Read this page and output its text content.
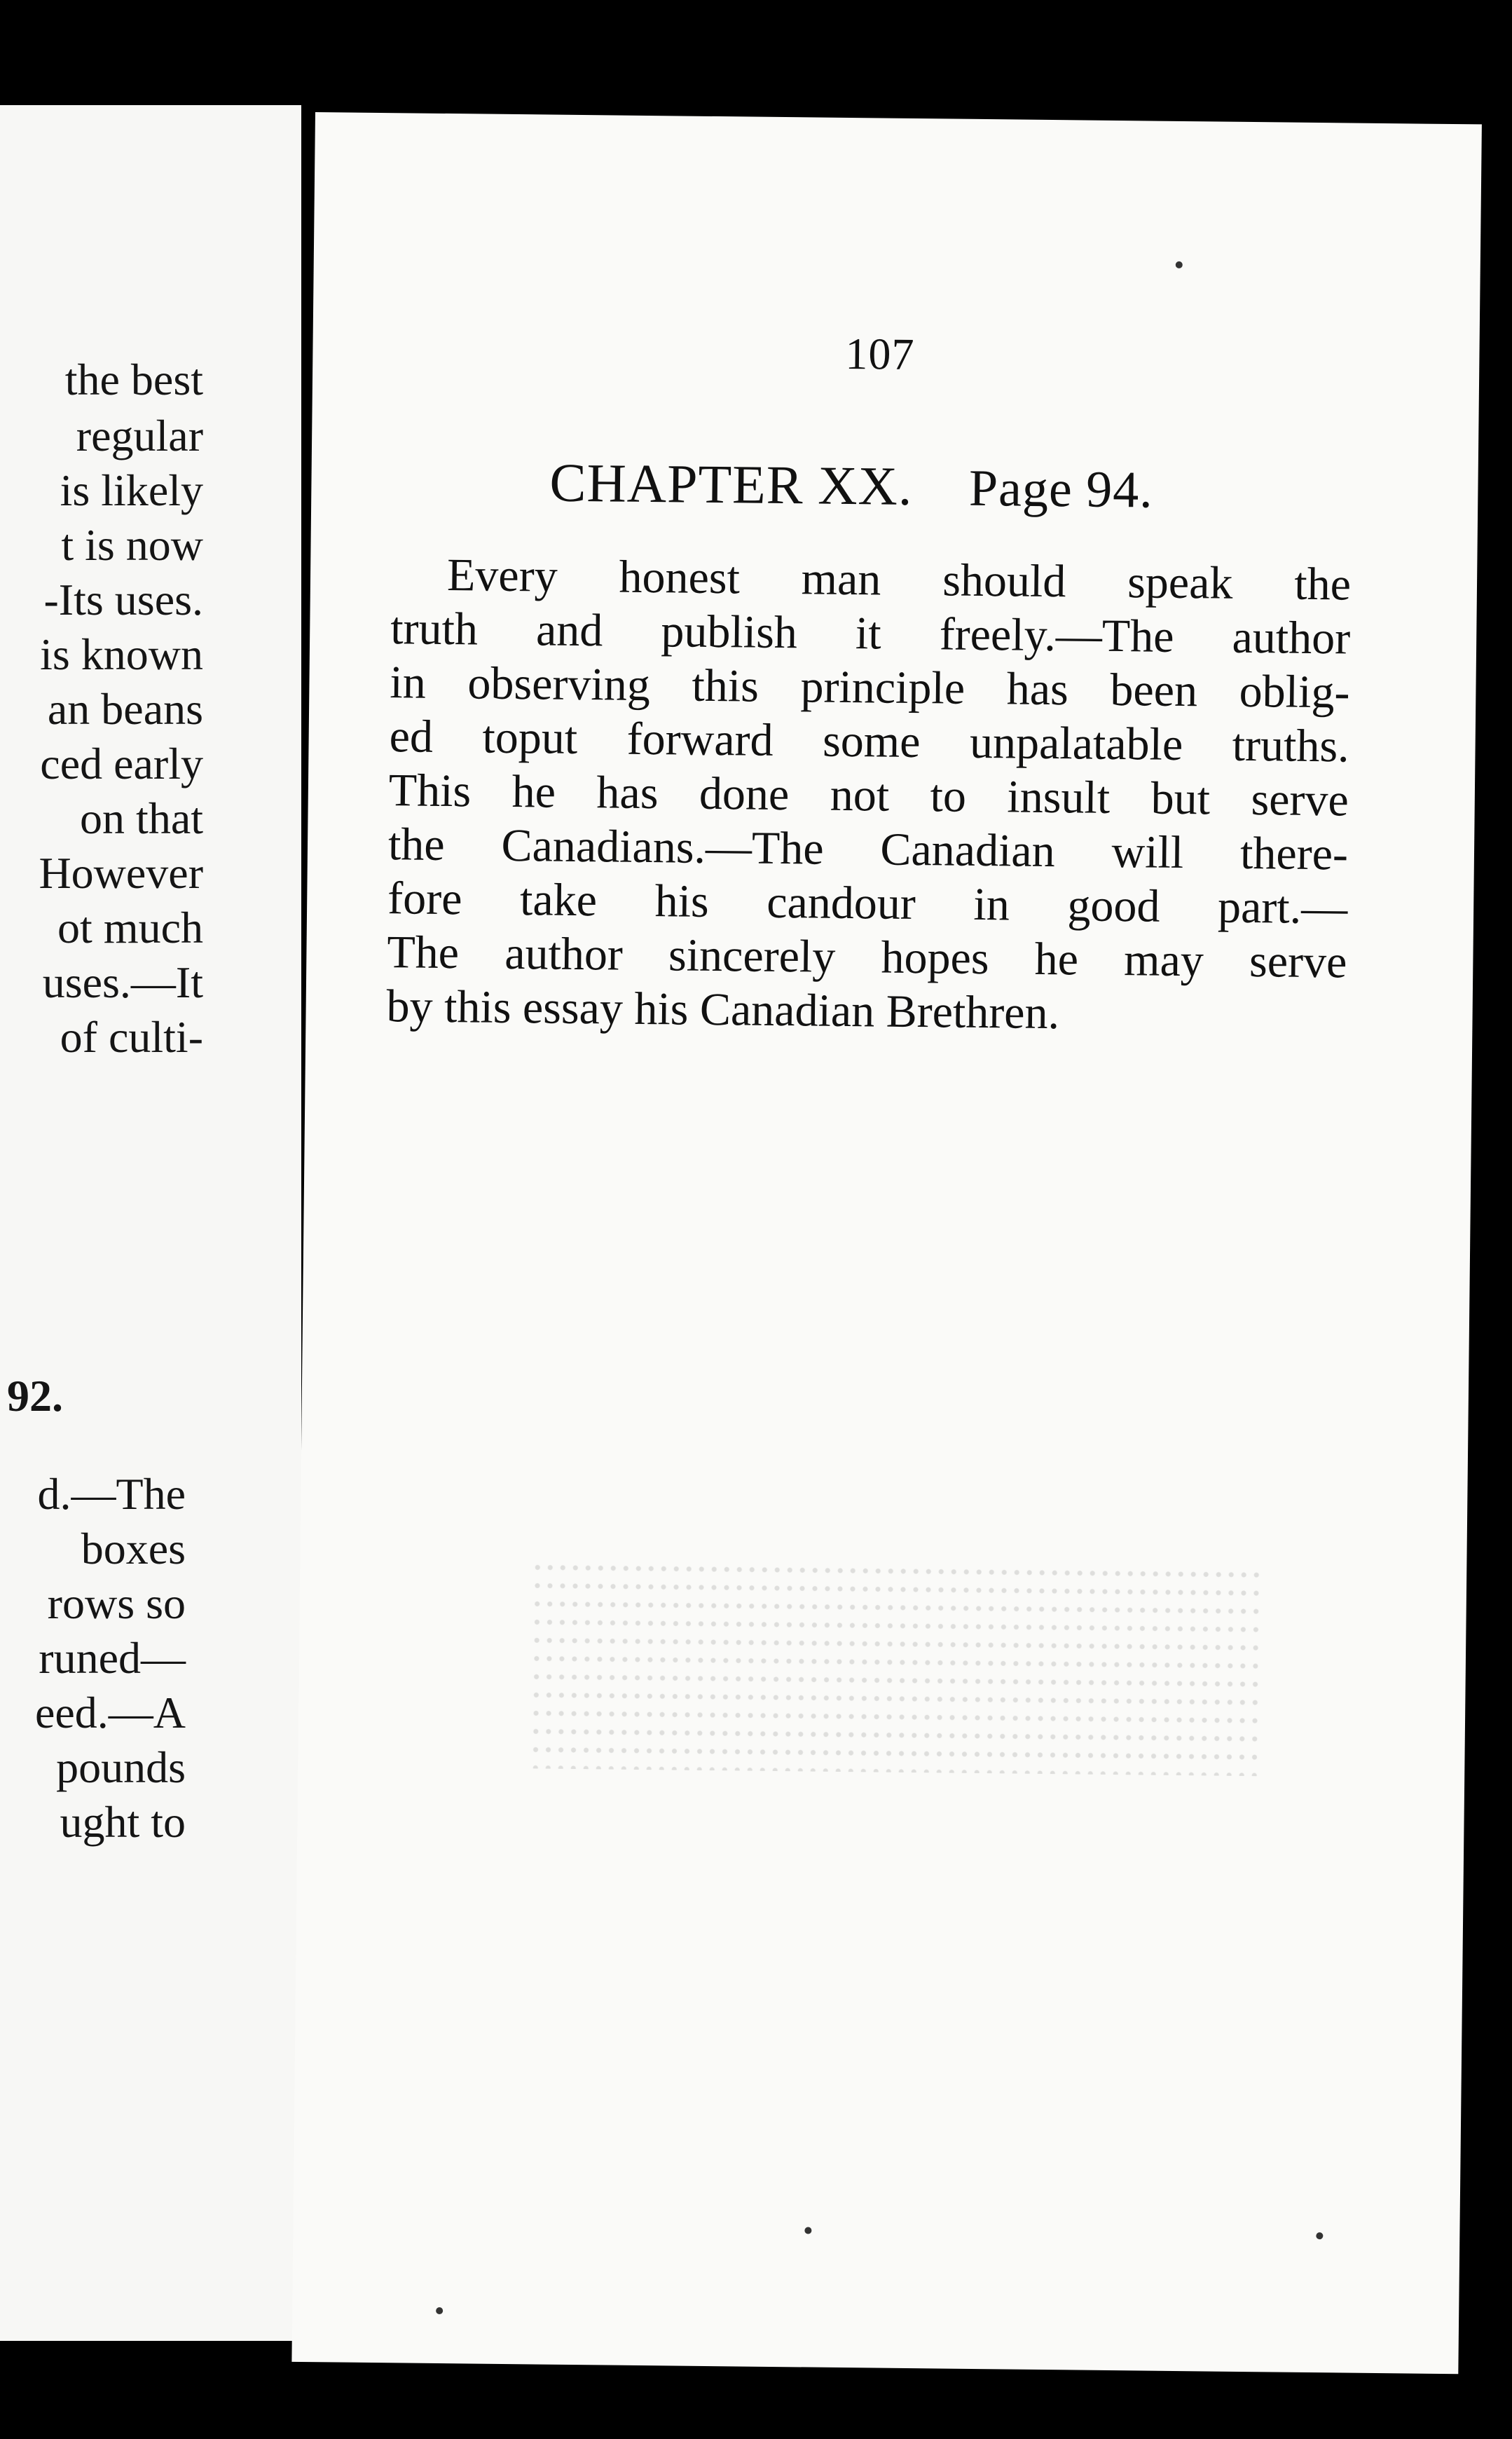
the best
regular
is likely
t is now
-Its uses.
is known
an beans
ced early
on that
However
ot much
uses.—It
of culti-
92.
d.—The
boxes
rows so
runed—
eed.—A
pounds
ught to
107
CHAPTER XX. Page 94.
Every honest man should speak the
truth and publish it freely.—The author
in observing this principle has been oblig-
ed toput forward some unpalatable truths.
This he has done not to insult but serve
the Canadians.—The Canadian will there-
fore take his candour in good part.—
The author sincerely hopes he may serve
by this essay his Canadian Brethren.
